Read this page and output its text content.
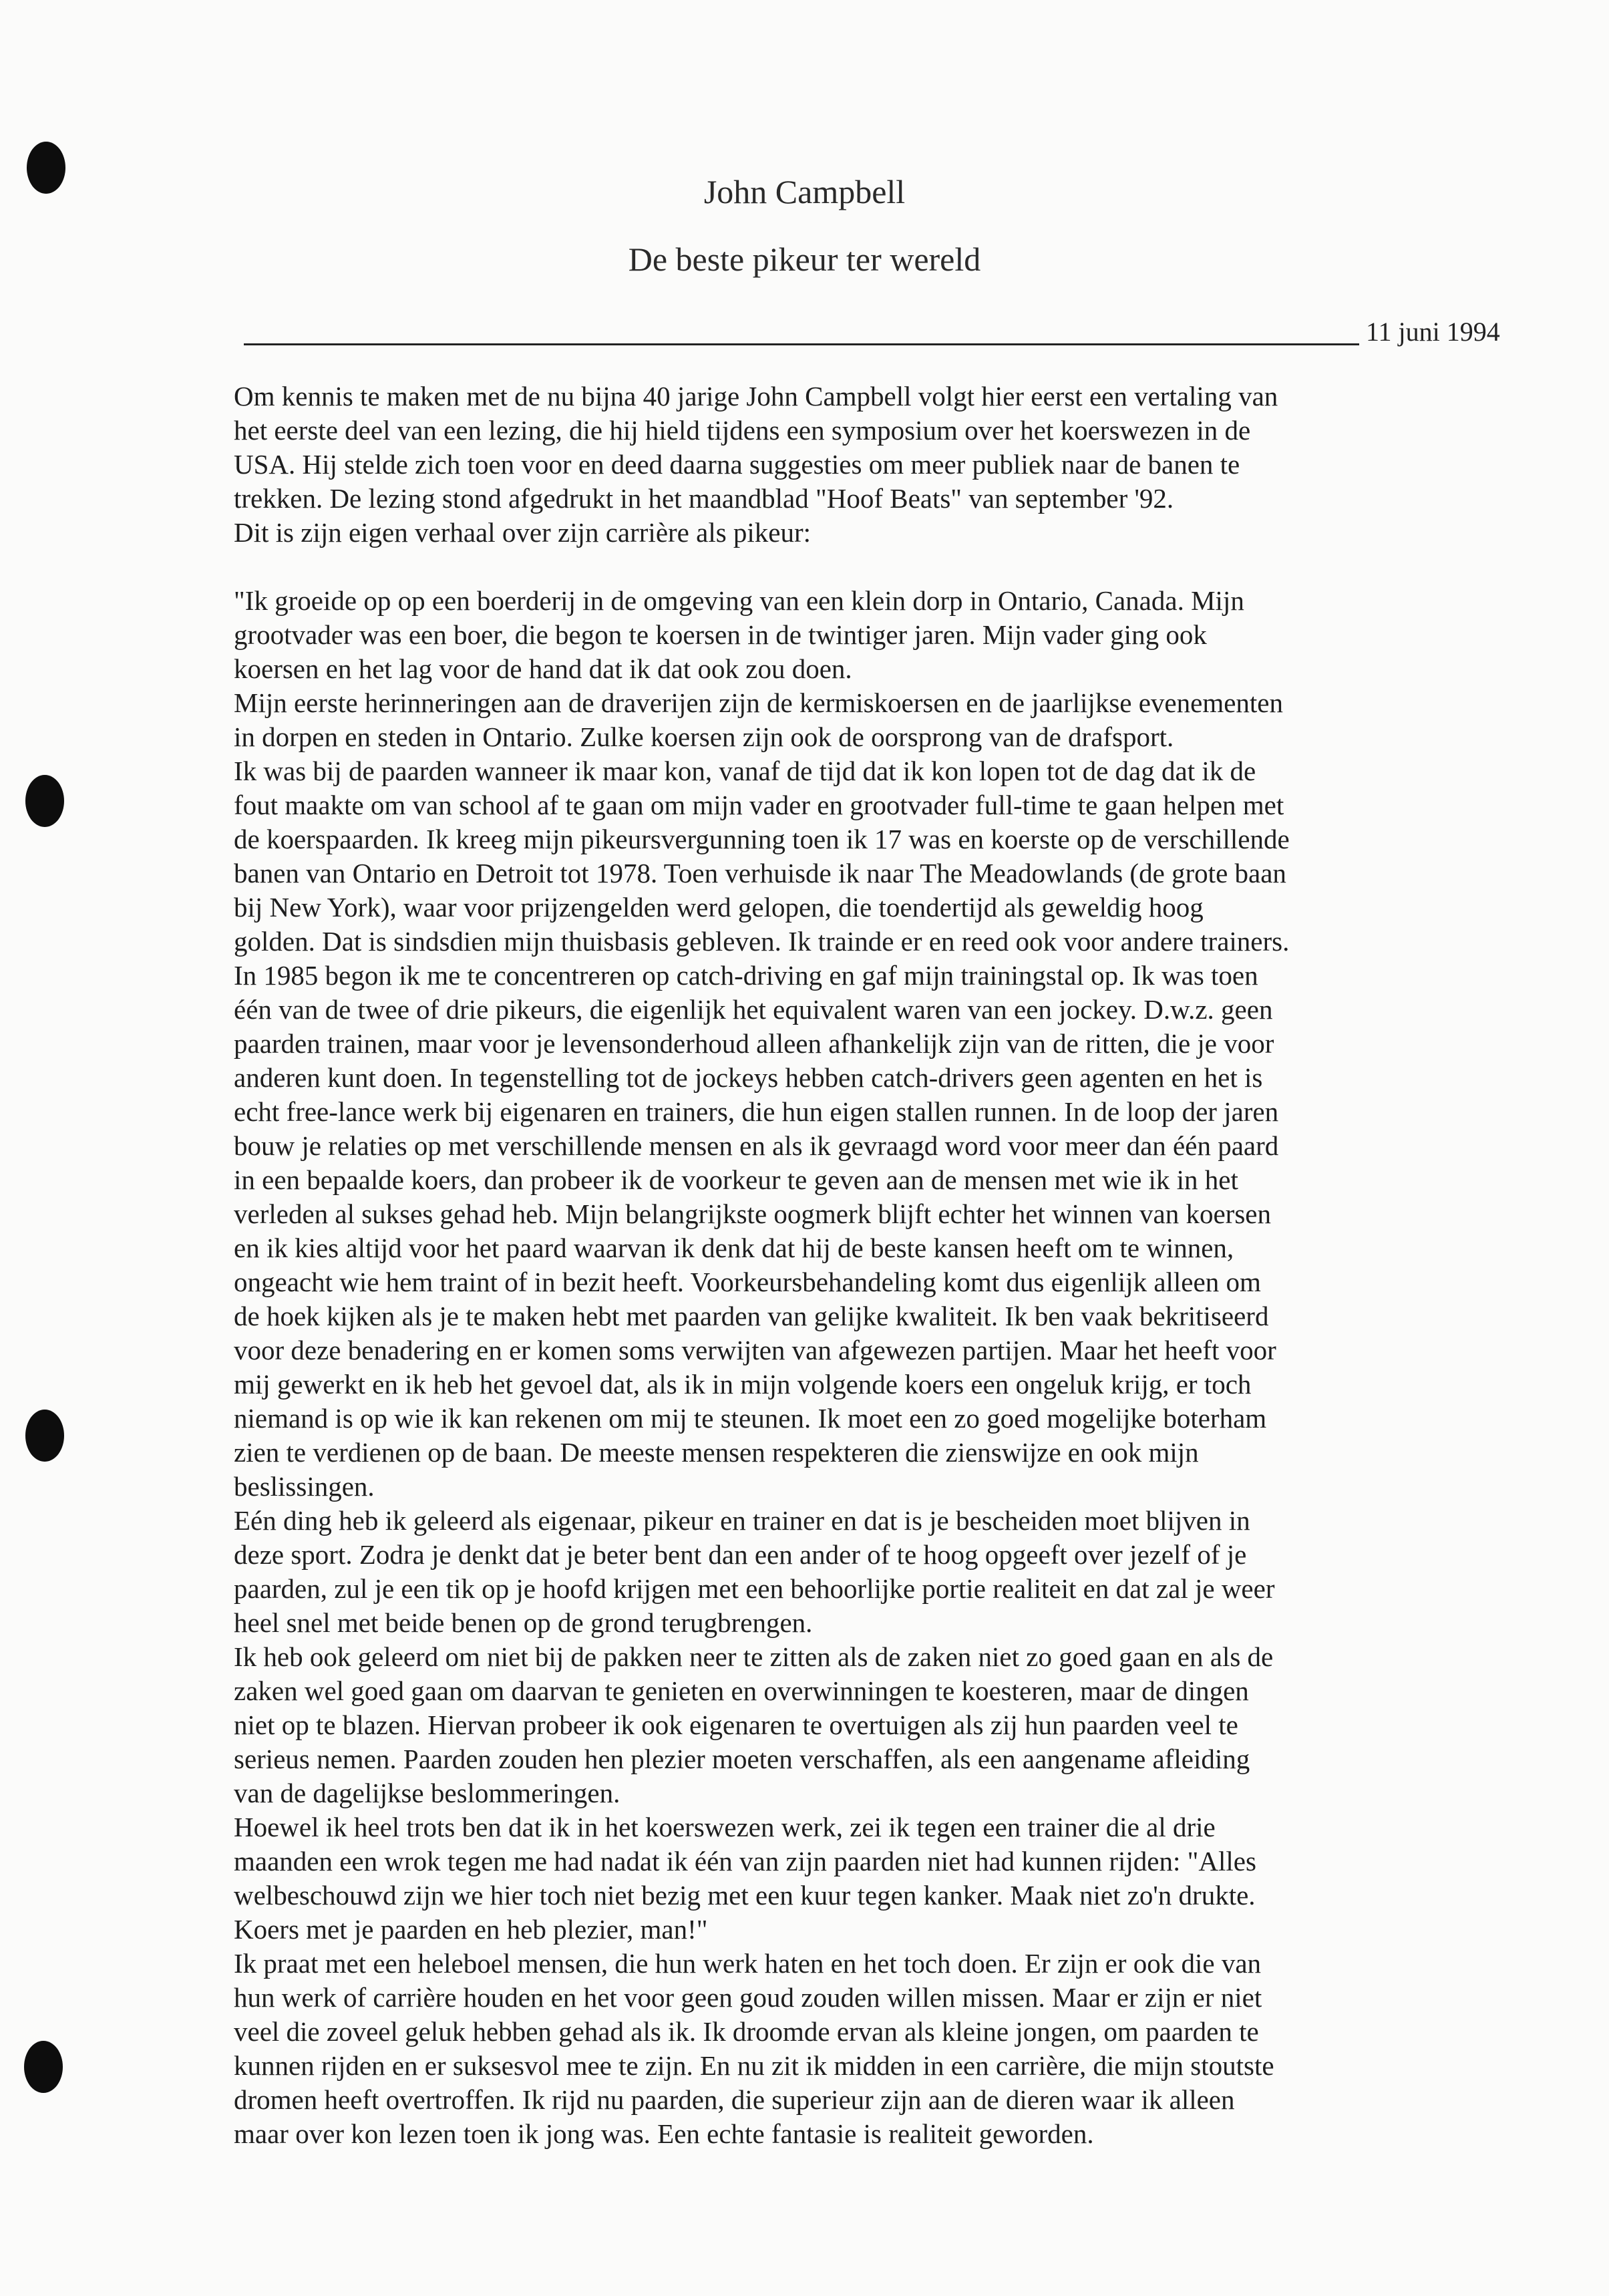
John Campbell
De beste pikeur ter wereld
11 juni 1994
Om kennis te maken met de nu bijna 40 jarige John Campbell volgt hier eerst een vertaling van
het eerste deel van een lezing, die hij hield tijdens een symposium over het koerswezen in de
USA. Hij stelde zich toen voor en deed daarna suggesties om meer publiek naar de banen te
trekken. De lezing stond afgedrukt in het maandblad "Hoof Beats" van september '92.
Dit is zijn eigen verhaal over zijn carrière als pikeur:
"Ik groeide op op een boerderij in de omgeving van een klein dorp in Ontario, Canada. Mijn
grootvader was een boer, die begon te koersen in de twintiger jaren. Mijn vader ging ook
koersen en het lag voor de hand dat ik dat ook zou doen.
Mijn eerste herinneringen aan de draverijen zijn de kermiskoersen en de jaarlijkse evenementen
in dorpen en steden in Ontario. Zulke koersen zijn ook de oorsprong van de drafsport.
Ik was bij de paarden wanneer ik maar kon, vanaf de tijd dat ik kon lopen tot de dag dat ik de
fout maakte om van school af te gaan om mijn vader en grootvader full-time te gaan helpen met
de koerspaarden. Ik kreeg mijn pikeursvergunning toen ik 17 was en koerste op de verschillende
banen van Ontario en Detroit tot 1978. Toen verhuisde ik naar The Meadowlands (de grote baan
bij New York), waar voor prijzengelden werd gelopen, die toendertijd als geweldig hoog
golden. Dat is sindsdien mijn thuisbasis gebleven. Ik trainde er en reed ook voor andere trainers.
In 1985 begon ik me te concentreren op catch-driving en gaf mijn trainingstal op. Ik was toen
één van de twee of drie pikeurs, die eigenlijk het equivalent waren van een jockey. D.w.z. geen
paarden trainen, maar voor je levensonderhoud alleen afhankelijk zijn van de ritten, die je voor
anderen kunt doen. In tegenstelling tot de jockeys hebben catch-drivers geen agenten en het is
echt free-lance werk bij eigenaren en trainers, die hun eigen stallen runnen. In de loop der jaren
bouw je relaties op met verschillende mensen en als ik gevraagd word voor meer dan één paard
in een bepaalde koers, dan probeer ik de voorkeur te geven aan de mensen met wie ik in het
verleden al sukses gehad heb. Mijn belangrijkste oogmerk blijft echter het winnen van koersen
en ik kies altijd voor het paard waarvan ik denk dat hij de beste kansen heeft om te winnen,
ongeacht wie hem traint of in bezit heeft. Voorkeursbehandeling komt dus eigenlijk alleen om
de hoek kijken als je te maken hebt met paarden van gelijke kwaliteit. Ik ben vaak bekritiseerd
voor deze benadering en er komen soms verwijten van afgewezen partijen. Maar het heeft voor
mij gewerkt en ik heb het gevoel dat, als ik in mijn volgende koers een ongeluk krijg, er toch
niemand is op wie ik kan rekenen om mij te steunen. Ik moet een zo goed mogelijke boterham
zien te verdienen op de baan. De meeste mensen respekteren die zienswijze en ook mijn
beslissingen.
Eén ding heb ik geleerd als eigenaar, pikeur en trainer en dat is je bescheiden moet blijven in
deze sport. Zodra je denkt dat je beter bent dan een ander of te hoog opgeeft over jezelf of je
paarden, zul je een tik op je hoofd krijgen met een behoorlijke portie realiteit en dat zal je weer
heel snel met beide benen op de grond terugbrengen.
Ik heb ook geleerd om niet bij de pakken neer te zitten als de zaken niet zo goed gaan en als de
zaken wel goed gaan om daarvan te genieten en overwinningen te koesteren, maar de dingen
niet op te blazen. Hiervan probeer ik ook eigenaren te overtuigen als zij hun paarden veel te
serieus nemen. Paarden zouden hen plezier moeten verschaffen, als een aangename afleiding
van de dagelijkse beslommeringen.
Hoewel ik heel trots ben dat ik in het koerswezen werk, zei ik tegen een trainer die al drie
maanden een wrok tegen me had nadat ik één van zijn paarden niet had kunnen rijden: "Alles
welbeschouwd zijn we hier toch niet bezig met een kuur tegen kanker. Maak niet zo'n drukte.
Koers met je paarden en heb plezier, man!"
Ik praat met een heleboel mensen, die hun werk haten en het toch doen. Er zijn er ook die van
hun werk of carrière houden en het voor geen goud zouden willen missen. Maar er zijn er niet
veel die zoveel geluk hebben gehad als ik. Ik droomde ervan als kleine jongen, om paarden te
kunnen rijden en er suksesvol mee te zijn. En nu zit ik midden in een carrière, die mijn stoutste
dromen heeft overtroffen. Ik rijd nu paarden, die superieur zijn aan de dieren waar ik alleen
maar over kon lezen toen ik jong was. Een echte fantasie is realiteit geworden.
